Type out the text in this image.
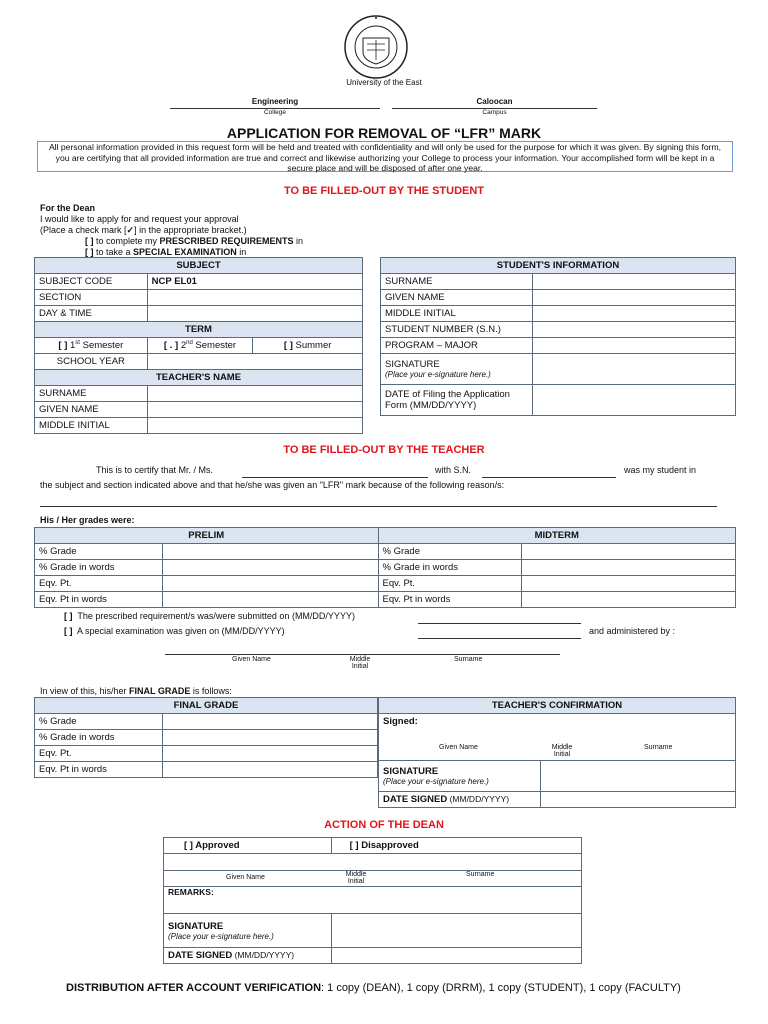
University of the East
Engineering
College
Caloocan
Campus
APPLICATION FOR REMOVAL OF “LFR” MARK
All personal information provided in this request form will be held and treated with confidentiality and will only be used for the purpose for which it was given. By signing this form, you are certifying that all provided information are true and correct and likewise authorizing your College to process your information. Your accomplished form will be kept in a secure place and will be disposed of after one year.
TO BE FILLED-OUT BY THE STUDENT
For the Dean
I would like to apply for and request your approval
(Place a check mark [✓] in the appropriate bracket.)
[ ] to complete my PRESCRIBED REQUIREMENTS in
[ ] to take a SPECIAL EXAMINATION in
SUBJECT		
SUBJECT CODE	NCP EL01	
SECTION		
DAY & TIME		
TERM		
[ ] 1st Semester	[ . ] 2nd Semester	[ ] Summer
SCHOOL YEAR		
TEACHER'S NAME		
SURNAME		
GIVEN NAME		
MIDDLE INITIAL		
STUDENT'S INFORMATION	
SURNAME	
GIVEN NAME	
MIDDLE INITIAL	
STUDENT NUMBER (S.N.)	
PROGRAM – MAJOR	

SIGNATURE
(Place your e-signature here.)	

DATE of Filing the Application Form (MM/DD/YYYY)	
TO BE FILLED-OUT BY THE TEACHER
This is to certify that Mr. / Ms.	with S.N.	was my student in
the subject and section indicated above and that he/she was given an "LFR" mark because of the following reason/s:
His / Her grades were:
PRELIM		MIDTERM	
% Grade		% Grade	
% Grade in words		% Grade in words	
Eqv. Pt.		Eqv. Pt.	
Eqv. Pt in words		Eqv. Pt in words	
[ ] The prescribed requirement/s was/were submitted on (MM/DD/YYYY)
[ ] A special examination was given on (MM/DD/YYYY)	and administered by :
Given Name	Middle Initial
Surname
In view of this, his/her FINAL GRADE is follows:
FINAL GRADE	
% Grade	
% Grade in words	
Eqv. Pt.	
Eqv. Pt in words	

TEACHER'S CONFIRMATION	

Signed:
Given Name Middle Initial
Surname	

SIGNATURE
(Place your e-signature here.)	

DATE SIGNED (MM/DD/YYYY)	
ACTION OF THE DEAN
[ ] Approved	[ ] Disapproved

Given Name Middle Initial
Surname	

REMARKS:	

SIGNATURE
(Place your e-signature here.)	

DATE SIGNED (MM/DD/YYYY)	
DISTRIBUTION AFTER ACCOUNT VERIFICATION: 1 copy (DEAN), 1 copy (DRRM), 1 copy (STUDENT), 1 copy (FACULTY)
